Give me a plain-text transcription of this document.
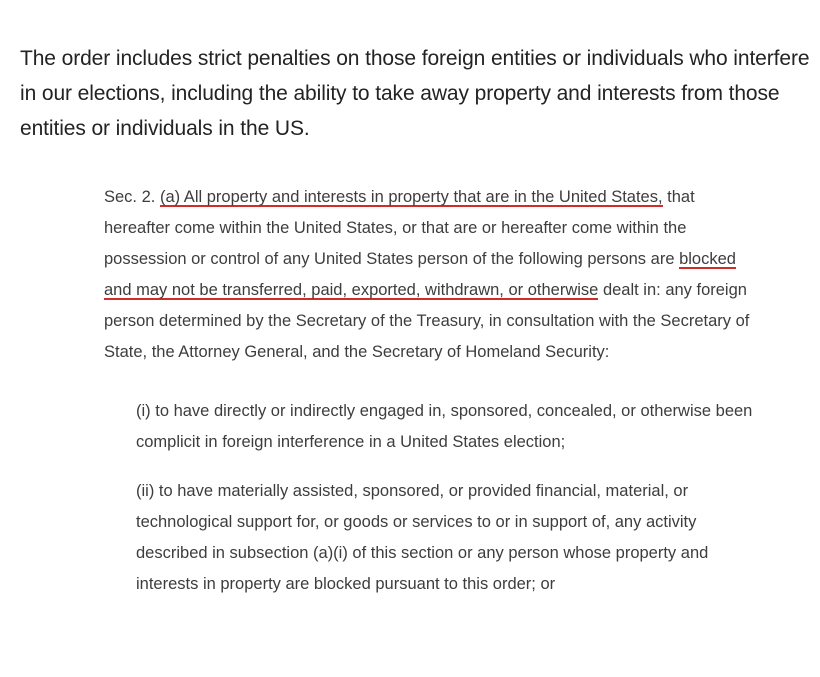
The order includes strict penalties on those foreign entities or individuals who interfere in our elections, including the ability to take away property and interests from those entities or individuals in the US.

Sec. 2. (a) All property and interests in property that are in the United States, that hereafter come within the United States, or that are or hereafter come within the possession or control of any United States person of the following persons are blocked and may not be transferred, paid, exported, withdrawn, or otherwise dealt in: any foreign person determined by the Secretary of the Treasury, in consultation with the Secretary of State, the Attorney General, and the Secretary of Homeland Security:

(i) to have directly or indirectly engaged in, sponsored, concealed, or otherwise been complicit in foreign interference in a United States election;

(ii) to have materially assisted, sponsored, or provided financial, material, or technological support for, or goods or services to or in support of, any activity described in subsection (a)(i) of this section or any person whose property and interests in property are blocked pursuant to this order; or
